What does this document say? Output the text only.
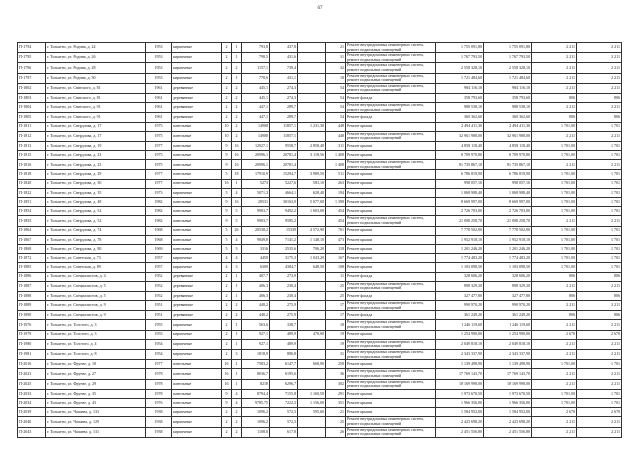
67
П-1794	г. Тольятти, ул. Родина, д. 24	1953	кирпичные	2	1	793,8	437,8		21	Ремонт внутридомовых инженерных систем, ремонт подвальных помещений	1 755 091,80	1 755 091,80	2 211	2 211
П-1795	г. Тольятти, ул. Родина, д. 26	1953	кирпичные	2	1	798,5	431,6		31	Ремонт внутридомовых инженерных систем, ремонт подвальных помещений	1 767 793,50	1 767 793,50	2 211	2 211
П-1796	г. Тольятти, ул. Родина, д. 28	1953	кирпичные	2	2	1157,1	739,4		32	Ремонт внутридомовых инженерных систем, ремонт подвальных помещений	2 558 328,10	2 558 328,10	2 211	2 211
П-1797	г. Тольятти, ул. Родина, д. 30	1953	кирпичные	2	1	778,6	431,1		18	Ремонт внутридомовых инженерных систем, ремонт подвальных помещений	1 721 484,60	1 721 484,60	2 211	2 211
П-1802	г. Тольятти, ул. Святского, д. 81	1961	деревянные	2	2	445,1	274,3		54	Ремонт внутридомовых инженерных систем, ремонт подвальных помещений	984 116,10	984 116,10	2 211	2 211
П-1803	г. Тольятти, ул. Святского, д. 81	1961	деревянные	2	2	445,1	274,3		54	Ремонт фасада	358 793,60	358 793,60	806	806
П-1804	г. Тольятти, ул. Святского, д. 91	1961	деревянные	2	2	447,1	289,7		54	Ремонт внутридомовых инженерных систем, ремонт подвальных помещений	988 538,10	988 538,10	2 211	2 211
П-1805	г. Тольятти, ул. Святского, д. 91	1961	деревянные	2	2	447,1	289,7		54	Ремонт фасада	360 362,60	360 362,60	806	806
П-1811	г. Тольятти, ул. Свердлова, д. 17	1975	панельные	10	2	14908	11857,1	1 231,30	448	Ремонт крыши	2 494 411,30	2 494 411,30	1 701,00	1 701
П-1812	г. Тольятти, ул. Свердлова, д. 17	1975	панельные	10	2	14908	11857,1		448	Ремонт внутридомовых инженерных систем, ремонт подвальных помещений	32 961 988,00	32 961 988,00	2 211	2 211
П-1813	г. Тольятти, ул. Свердлова, д. 19	1977	панельные	9	16	12927,1	9558,7	2 858,40	311	Ремонт крыши	4 858 118,40	4 858 118,40	1 701,00	1 701
П-1815	г. Тольятти, ул. Свердлова, д. 23	1975	панельные	9	16	20996,1	20781,4	3 118,56	1 408	Ремонт крыши	8 709 970,80	8 709 970,80	1 701,00	1 701
П-1816	г. Тольятти, ул. Свердлова, д. 23	1975	панельные	9	16	20996,1	20781,4		1 408	Ремонт внутридомовых инженерных систем, ремонт подвальных помещений	81 735 867,10	81 735 867,10	2 211	2 211
П-1818	г. Тольятти, ул. Свердлова, д. 29	1977	панельные	5	18	17910,9	15294,7	3 989,50	511	Ремонт крыши	6 786 819,90	6 786 819,90	1 701,00	1 701
П-1820	г. Тольятти, ул. Свердлова, д. 30	1977	панельные	16	1	5273	5227,6	583,10	263	Ремонт крыши	998 057,10	998 057,10	1 701,00	1 701
П-1822	г. Тольятти, ул. Свердлова, д. 35	1973	кирпичные	5	4	5071,3	4664,1	628,40	194	Ремонт крыши	1 068 908,40	1 068 908,40	1 701,00	1 701
П-1851	г. Тольятти, ул. Свердлова, д. 48	1982	панельные	9	16	20531	30163,9	5 677,00	1 398	Ремонт крыши	8 669 997,00	8 669 997,00	1 701,00	1 701
П-1854	г. Тольятти, ул. Свердлова, д. 52	1982	панельные	9	5	9903,7	9492,2	1 603,00	454	Ремонт крыши	2 726 703,00	2 726 703,00	1 701,00	1 701
П-1855	г. Тольятти, ул. Свердлова, д. 52	1982	панельные	9	5	9903,7	9585,2		454	Ремонт внутридомовых инженерных систем, ремонт подвальных помещений	21 008 258,70	21 008 258,70	2 211	2 211
П-1864	г. Тольятти, ул. Свердлова, д. 74	1968	панельные	5	26	20538,2	15339	4 572,90	701	Ремонт крыши	7 778 502,90	7 778 502,90	1 701,00	1 701
П-1867	г. Тольятти, ул. Свердлова, д. 78	1968	панельные	5	4	9849,8	7141,2	1 148,10	473	Ремонт крыши	1 952 918,10	1 952 918,10	1 701,00	1 701
П-1868	г. Тольятти, ул. Свердлова, д. 80	1969	панельные	5	3	3316	2535,6	706,20	118	Ремонт крыши	1 201 246,20	1 201 246,20	1 701,00	1 701
П-1872	г. Тольятти, ул. Советская, д. 73	1957	кирпичные	4	4	4450	3175,3	1 043,20	167	Ремонт крыши	1 774 483,20	1 774 483,20	1 701,00	1 701
П-1885	г. Тольятти, ул. Советская, д. 89	1957	кирпичные	4	3	6300	4384,7	648,50	108	Ремонт крыши	1 103 098,50	1 103 098,50	1 701,00	1 701
П-1886	г. Тольятти, ул. Специалистов, д. 4	1952	деревянные	2	1	407,7	273,9		11	Ремонт фасада	328 606,20	328 606,20	806	806
П-1887	г. Тольятти, ул. Специалистов, д. 5	1952	деревянные	2	1	406,3	230,4		25	Ремонт внутридомовых инженерных систем, ремонт подвальных помещений	898 329,30	898 329,30	2 211	2 211
П-1888	г. Тольятти, ул. Специалистов, д. 5	1952	деревянные	2	1	406,3	230,4		25	Ремонт фасада	327 477,80	327 477,80	806	806
П-1889	г. Тольятти, ул. Специалистов, д. 9	1951	деревянные	2	2	448,2	275,9		17	Ремонт внутридомовых инженерных систем, ремонт подвальных помещений	990 970,20	990 970,20	2 211	2 211
П-1890	г. Тольятти, ул. Специалистов, д. 9	1951	деревянные	2	2	448,2	275,9		17	Ремонт фасада	361 249,20	361 249,20	806	806
П-1976	г. Тольятти, ул. Толстого, д. 3	1955	кирпичные	2	1	563,6	338,7		18	Ремонт внутридомовых инженерных систем, ремонт подвальных помещений	1 246 119,60	1 246 119,60	2 211	2 211
П-1979	г. Тольятти, ул. Толстого, д. 3	1955	кирпичные	2	1	927,1	489,9	478,00	19	Ремонт крыши	1 254 990,00	1 254 990,00	2 670	2 670
П-1980	г. Тольятти, ул. Толстого, д. 4	1954	кирпичные	2	1	927,1	489,9		19	Ремонт внутридомовых инженерных систем, ремонт подвальных помещений	2 049 818,10	2 049 818,10	2 211	2 211
П-1981	г. Тольятти, ул. Толстого, д. 8	1954	кирпичные	2	3	1818,9	886,8		31	Ремонт внутридомовых инженерных систем, ремонт подвальных помещений	2 343 337,90	2 343 337,90	2 211	2 211
П-2016	г. Тольятти, ул. Фрунзе, д. 18	1977	панельные	16	1	7583,2	6147,7	668,90	258	Ремонт крыши	1 139 498,90	1 139 498,90	1 701,00	1 701
П-2023	г. Тольятти, ул. Фрунзе, д. 27	1978	панельные	16	1	8036,7	6195,6		36	Ремонт внутридомовых инженерных систем, ремонт подвальных помещений	17 769 143,70	17 769 143,70	2 211	2 211
П-2025	г. Тольятти, ул. Фрунзе, д. 29	1978	панельные	16	1	8218	6296,7		302	Ремонт внутридомовых инженерных систем, ремонт подвальных помещений	18 169 998,00	18 169 998,00	2 211	2 211
П-2033	г. Тольятти, ул. Фрунзе, д. 35	1978	панельные	9	4	8794,4	7155,8	1 160,50	291	Ремонт крыши	1 973 670,50	1 973 670,50	1 701,00	1 701
П-2034	г. Тольятти, ул. Фрунзе, д. 43	1976	панельные	9	4	9785,75	7222,3	1 156,00	351	Ремонт крыши	1 966 356,00	1 966 356,00	1 701,00	1 701
П-2039	г. Тольятти, ул. Чапаева, д. 133	1938	кирпичные	2	2	1096,2	572,3	595,60	21	Ремонт крыши	1 584 952,00	1 584 952,00	2 670	2 670
П-2040	г. Тольятти, ул. Чапаева, д. 129	1938	кирпичные	2	2	1096,2	572,3		25	Ремонт внутридомовых инженерных систем, ремонт подвальных помещений	2 423 698,20	2 423 698,20	2 211	2 211
П-2043	г. Тольятти, ул. Чапаева, д. 131	1938	кирпичные	2	2	1108,0	617,8		26	Ремонт внутридомовых инженерных систем, ремонт подвальных помещений	2 451 556,80	2 451 556,80	2 211	2 211
